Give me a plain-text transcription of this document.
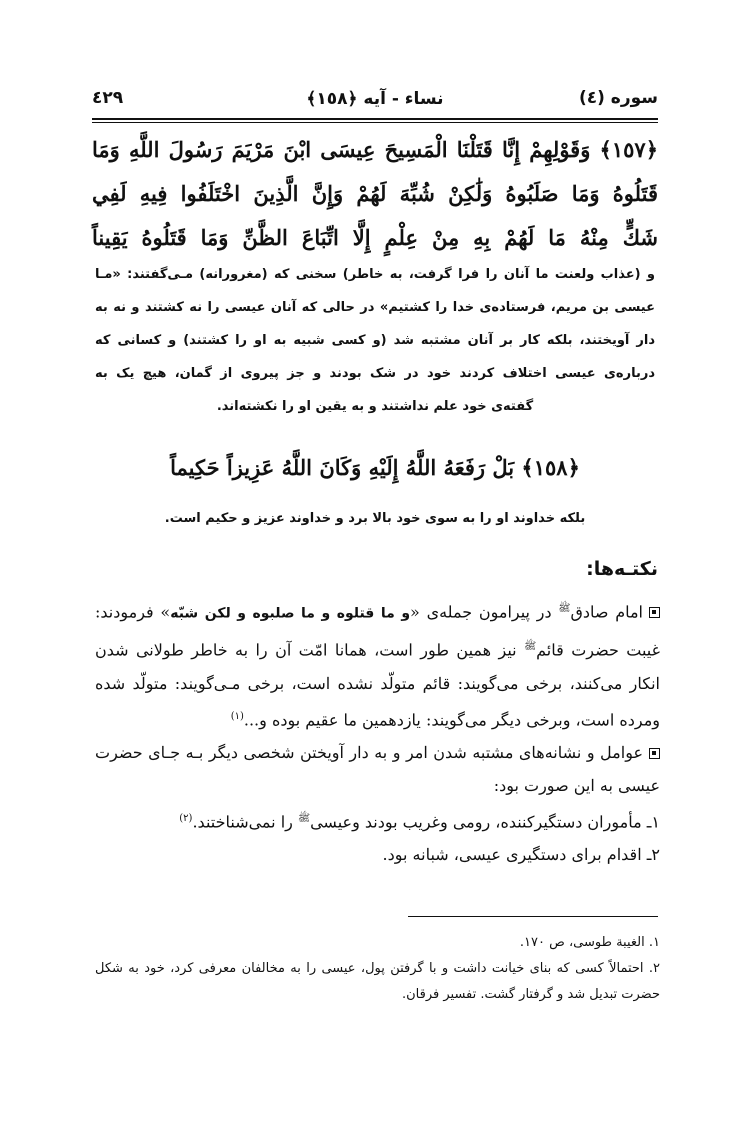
سوره (٤)
نساء - آیه ﴿١٥٨﴾
٤٢٩
﴿١٥٧﴾ وَقَوْلِهِمْ إِنَّا قَتَلْنَا الْمَسِيحَ عِيسَى ابْنَ مَرْيَمَ رَسُولَ اللَّهِ وَمَا
قَتَلُوهُ وَمَا صَلَبُوهُ وَلَٰكِنْ شُبِّهَ لَهُمْ وَإِنَّ الَّذِينَ اخْتَلَفُوا فِيهِ لَفِي
شَكٍّ مِنْهُ مَا لَهُمْ بِهِ مِنْ عِلْمٍ إِلَّا اتِّبَاعَ الظَّنِّ وَمَا قَتَلُوهُ يَقِيناً
و (عذاب ولعنت ما آنان را فرا گرفت، به خاطر) سخنی که (مغرورانه) مـی‌گفتند: «مـا
عیسی بن مریم، فرستاده‌ی خدا را کشتیم» در حالی که آنان عیسی را نه کشتند و نه به
دار آویختند، بلکه کار بر آنان مشتبه شد (و کسی شبیه به او را کشتند) و کسانی که
درباره‌ی عیسی اختلاف کردند خود در شک بودند و جز پیروی از گمان، هیچ یک به
گفته‌ی خود علم نداشتند و به یقین او را نکشته‌اند.
﴿١٥٨﴾ بَلْ رَفَعَهُ اللَّهُ إِلَيْهِ وَكَانَ اللَّهُ عَزِيزاً حَكِيماً
بلکه خداوند او را به سوی خود بالا برد و خداوند عزیز و حکیم است.
نکتـه‌ها:

امام صادق$^ﷺ$ در پیرامون جمله‌ی «و ما قتلوه و ما صلبوه و لکن شبّه» فرمودند: غیبت حضرت قائم$^ﷺ$ نیز همین طور است، همانا امّت آن را به خاطر طولانی شدن انکار می‌کنند، برخی می‌گویند: قائم متولّد نشده است، برخی مـی‌گویند: متولّد شده ومرده است، وبرخی دیگر می‌گویند: یازدهمین ما عقیم بوده و...$^{(١)}$

عوامل و نشانه‌های مشتبه شدن امر و به دار آویختن شخصی دیگر بـه جـای حضرت عیسی به این صورت بود:

١ـ مأموران دستگیرکننده، رومی وغریب بودند وعیسی$^ﷺ$ را نمی‌شناختند.$^{(٢)}$

٢ـ اقدام برای دستگیری عیسی، شبانه بود.

١. الغیبة طوسی، ص ١٧٠.

٢. احتمالاً کسی که بنای خیانت داشت و با گرفتن پول، عیسی را به مخالفان معرفی کرد، خود به شکل حضرت تبدیل شد و گرفتار گشت. تفسیر فرقان.
